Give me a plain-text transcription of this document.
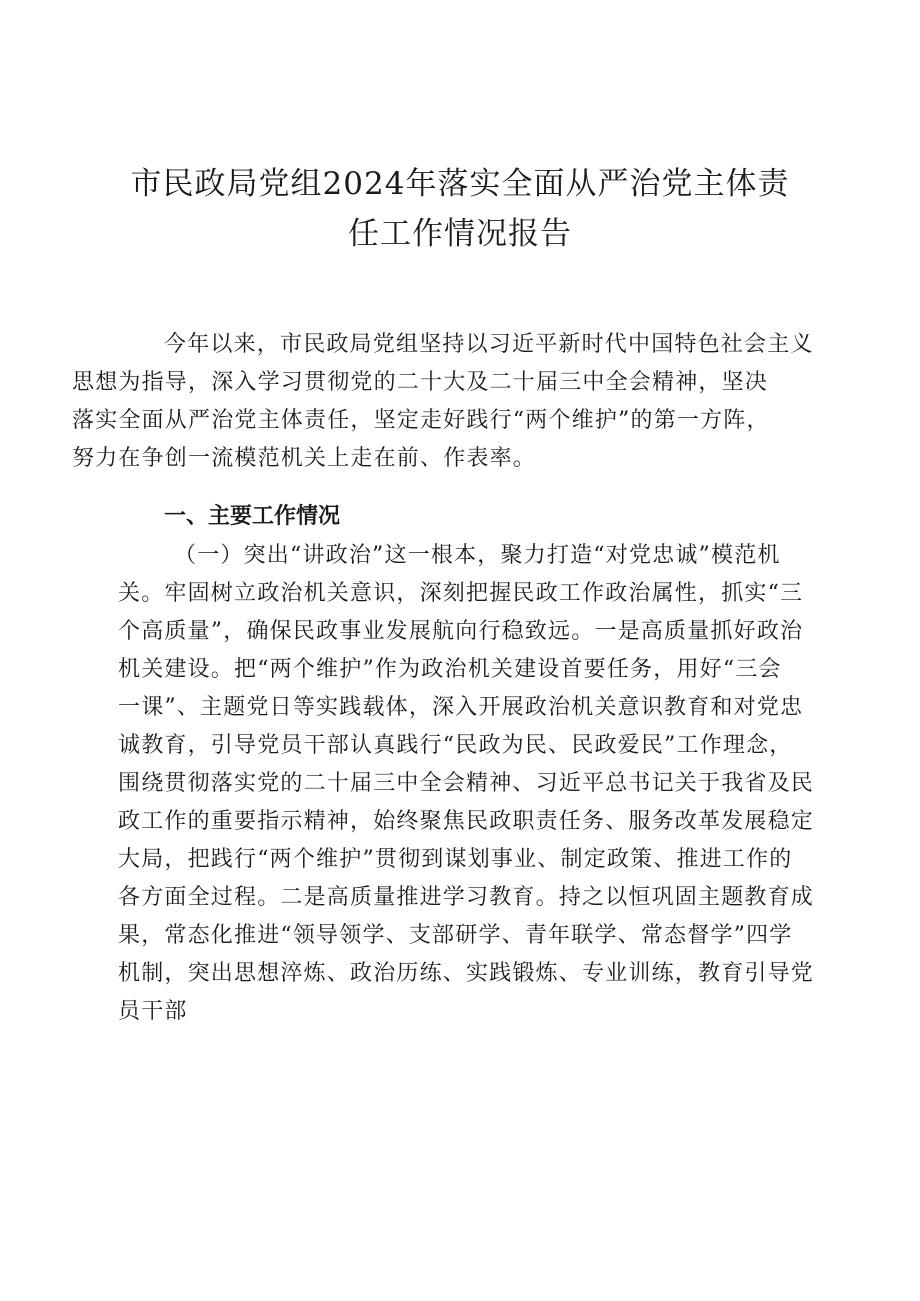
市民政局党组2024年落实全面从严治党主体责
任工作情况报告
今年以来，市民政局党组坚持以习近平新时代中国特色社会主义
思想为指导，深入学习贯彻党的二十大及二十届三中全会精神，坚决
落实全面从严治党主体责任，坚定走好践行“两个维护”的第一方阵，
努力在争创一流模范机关上走在前、作表率。
一、主要工作情况
（一）突出“讲政治”这一根本，聚力打造“对党忠诚”模范机
关。牢固树立政治机关意识，深刻把握民政工作政治属性，抓实“三
个高质量”，确保民政事业发展航向行稳致远。一是高质量抓好政治
机关建设。把“两个维护”作为政治机关建设首要任务，用好“三会
一课”、主题党日等实践载体，深入开展政治机关意识教育和对党忠
诚教育，引导党员干部认真践行“民政为民、民政爱民”工作理念，
围绕贯彻落实党的二十届三中全会精神、习近平总书记关于我省及民
政工作的重要指示精神，始终聚焦民政职责任务、服务改革发展稳定
大局，把践行“两个维护”贯彻到谋划事业、制定政策、推进工作的
各方面全过程。二是高质量推进学习教育。持之以恒巩固主题教育成
果，常态化推进“领导领学、支部研学、青年联学、常态督学”四学
机制，突出思想淬炼、政治历练、实践锻炼、专业训练，教育引导党
员干部
